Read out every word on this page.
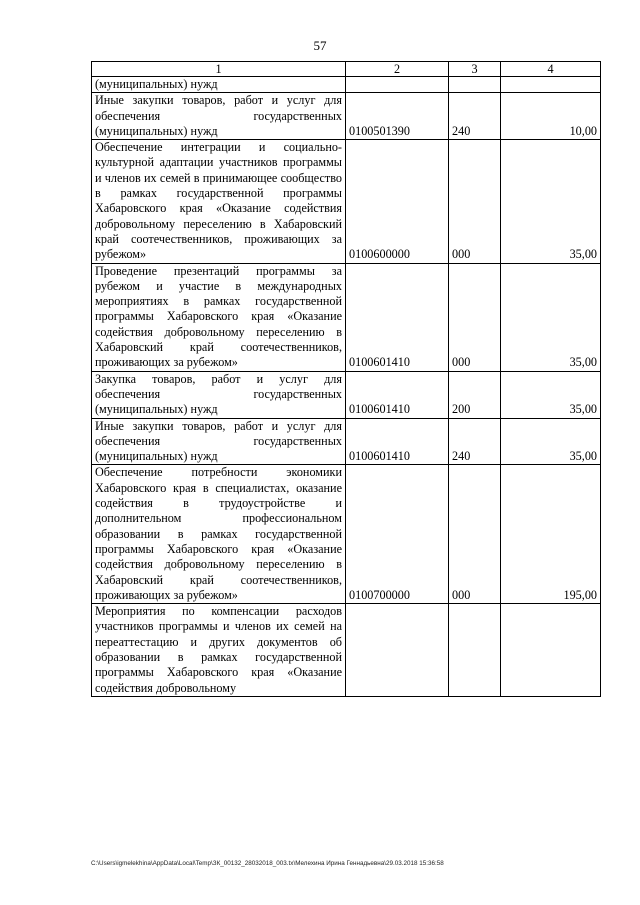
57
1	2	3	4
(муниципальных) нужд			
Иные закупки товаров, работ и услуг для обеспечения государственных (муниципальных) нужд	0100501390	240	10,00
Обеспечение интеграции и социально-культурной адаптации участников программы и членов их семей в принимающее сообщество в рамках государственной программы Хабаровского края «Оказание содействия добровольному переселению в Хабаровский край соотечественников, проживающих за рубежом»	0100600000	000	35,00
Проведение презентаций программы за рубежом и участие в международных мероприятиях в рамках государственной программы Хабаровского края «Оказание содействия добровольному переселению в Хабаровский край соотечественников, проживающих за рубежом»	0100601410	000	35,00
Закупка товаров, работ и услуг для обеспечения государственных (муниципальных) нужд	0100601410	200	35,00
Иные закупки товаров, работ и услуг для обеспечения государственных (муниципальных) нужд	0100601410	240	35,00
Обеспечение потребности экономики Хабаровского края в специалистах, оказание содействия в трудоустройстве и дополнительном профессиональном образовании в рамках государственной программы Хабаровского края «Оказание содействия добровольному переселению в Хабаровский край соотечественников, проживающих за рубежом»	0100700000	000	195,00
Мероприятия по компенсации расходов участников программы и членов их семей на переаттестацию и других документов об образовании в рамках государственной программы Хабаровского края «Оказание содействия добровольному			
C:\Users\igmelekhina\AppData\Local\Temp\ЗК_00132_28032018_003.tx\Мелехина Ирина Геннадьевна\29.03.2018 15:36:58
